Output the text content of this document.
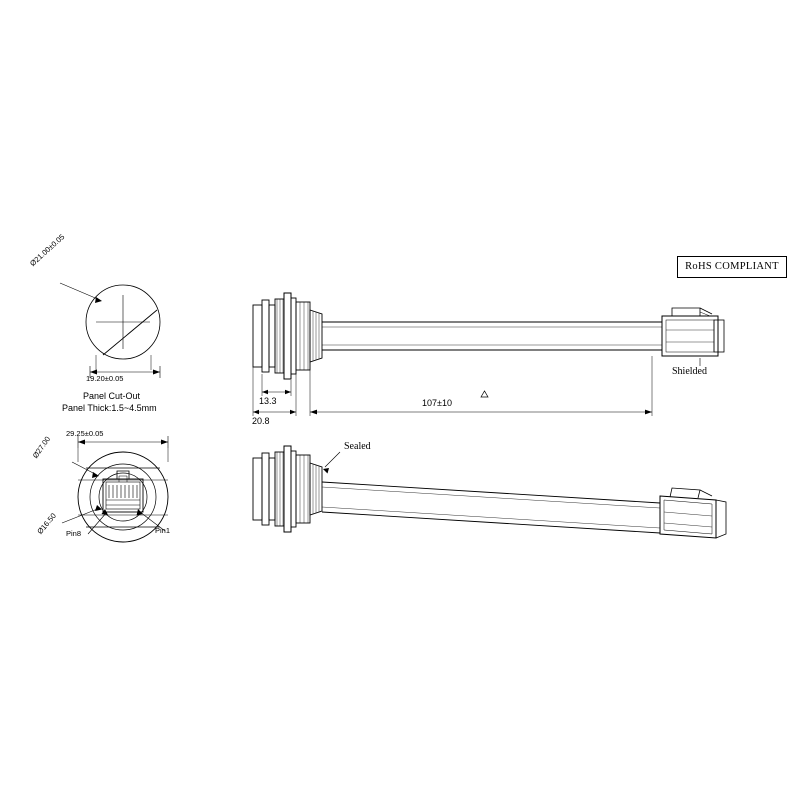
Ø21.00±0.05
19.20±0.05
Panel Cut-Out
Panel Thick:1.5~4.5mm
29.25±0.05
Ø27.00
Ø16.50 Pin8	Pin1
13.3
20.8
107±10
Shielded
Sealed
RoHS COMPLIANT
